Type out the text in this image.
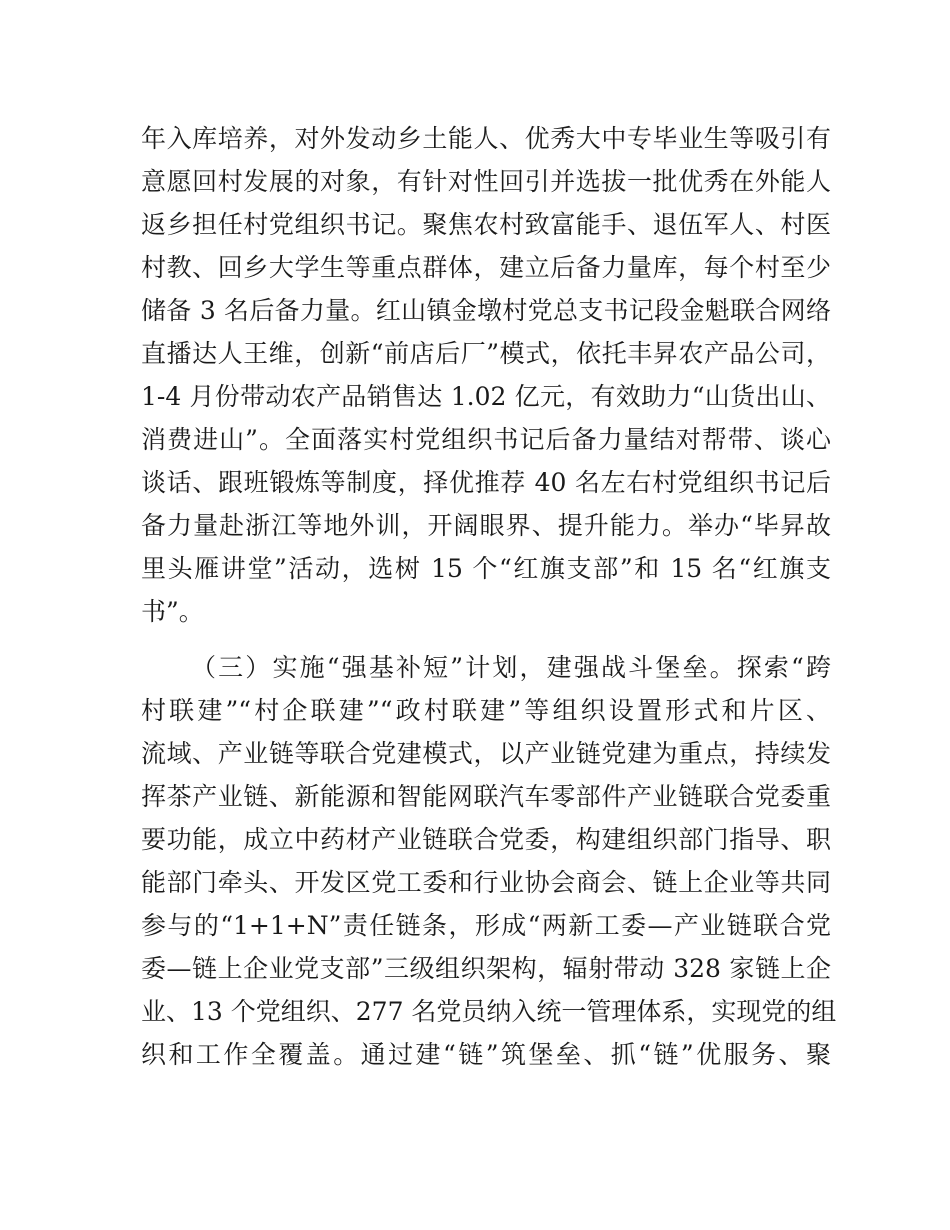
年入库培养，对外发动乡土能人、优秀大中专毕业生等吸引有
意愿回村发展的对象，有针对性回引并选拔一批优秀在外能人
返乡担任村党组织书记。聚焦农村致富能手、退伍军人、村医
村教、回乡大学生等重点群体，建立后备力量库，每个村至少
储备 3 名后备力量。红山镇金墩村党总支书记段金魁联合网络
直播达人王维，创新“前店后厂”模式，依托丰昇农产品公司，
1-4 月份带动农产品销售达 1.02 亿元，有效助力“山货出山、
消费进山”。全面落实村党组织书记后备力量结对帮带、谈心
谈话、跟班锻炼等制度，择优推荐 40 名左右村党组织书记后
备力量赴浙江等地外训，开阔眼界、提升能力。举办“毕昇故
里头雁讲堂”活动，选树 15 个“红旗支部”和 15 名“红旗支
书”。

（三）实施“强基补短”计划，建强战斗堡垒。探索“跨
村联建”“村企联建”“政村联建”等组织设置形式和片区、
流域、产业链等联合党建模式，以产业链党建为重点，持续发
挥茶产业链、新能源和智能网联汽车零部件产业链联合党委重
要功能，成立中药材产业链联合党委，构建组织部门指导、职
能部门牵头、开发区党工委和行业协会商会、链上企业等共同
参与的“1+1+N”责任链条，形成“两新工委—产业链联合党
委—链上企业党支部”三级组织架构，辐射带动 328 家链上企
业、13 个党组织、277 名党员纳入统一管理体系，实现党的组
织和工作全覆盖。通过建“链”筑堡垒、抓“链”优服务、聚
